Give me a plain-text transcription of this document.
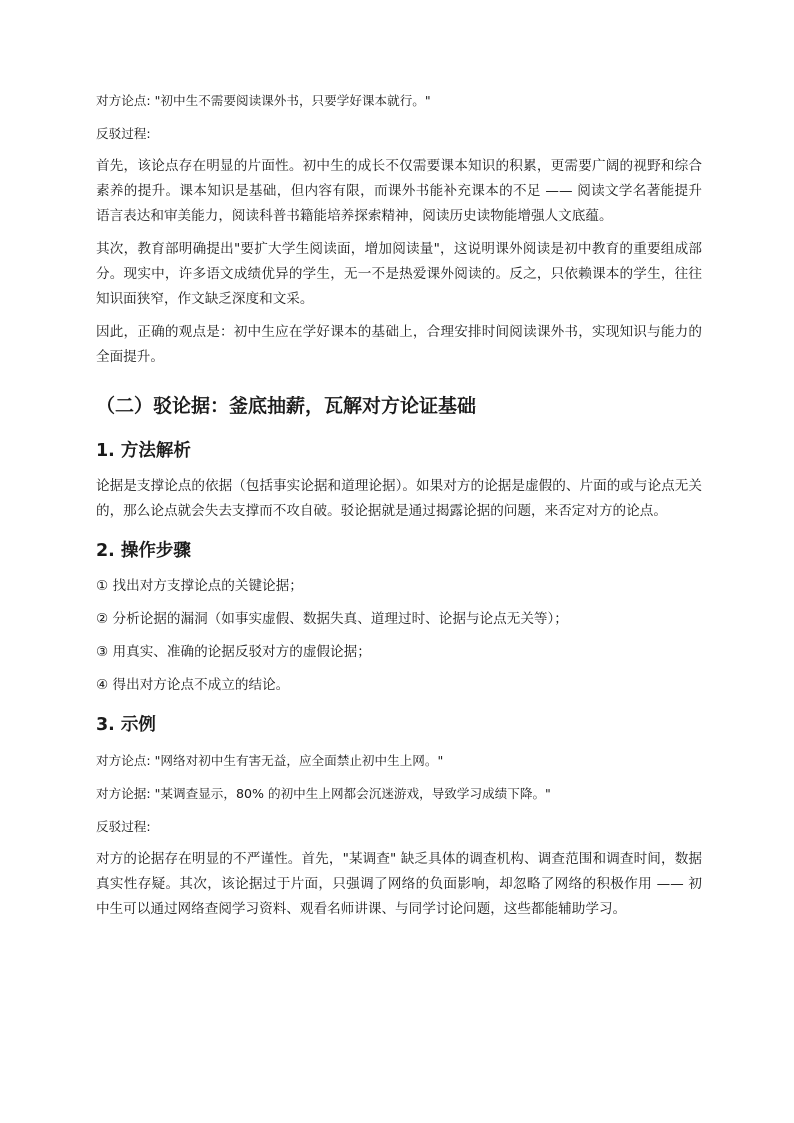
对方论点: "初中生不需要阅读课外书，只要学好课本就行。"

反驳过程:

首先，该论点存在明显的片面性。初中生的成长不仅需要课本知识的积累，更需要广阔的视野和综合素养的提升。课本知识是基础，但内容有限，而课外书能补充课本的不足 —— 阅读文学名著能提升语言表达和审美能力，阅读科普书籍能培养探索精神，阅读历史读物能增强人文底蕴。

其次，教育部明确提出"要扩大学生阅读面，增加阅读量"，这说明课外阅读是初中教育的重要组成部分。现实中，许多语文成绩优异的学生，无一不是热爱课外阅读的。反之，只依赖课本的学生，往往知识面狭窄，作文缺乏深度和文采。

因此，正确的观点是：初中生应在学好课本的基础上，合理安排时间阅读课外书，实现知识与能力的全面提升。

（二）驳论据：釜底抽薪，瓦解对方论证基础
1. 方法解析

论据是支撑论点的依据（包括事实论据和道理论据）。如果对方的论据是虚假的、片面的或与论点无关的，那么论点就会失去支撑而不攻自破。驳论据就是通过揭露论据的问题，来否定对方的论点。

2. 操作步骤

① 找出对方支撑论点的关键论据；

② 分析论据的漏洞（如事实虚假、数据失真、道理过时、论据与论点无关等）；

③ 用真实、准确的论据反驳对方的虚假论据；

④ 得出对方论点不成立的结论。

3. 示例

对方论点: "网络对初中生有害无益，应全面禁止初中生上网。"

对方论据: "某调查显示，80% 的初中生上网都会沉迷游戏，导致学习成绩下降。"

反驳过程:

对方的论据存在明显的不严谨性。首先，"某调查" 缺乏具体的调查机构、调查范围和调查时间，数据真实性存疑。其次，该论据过于片面，只强调了网络的负面影响，却忽略了网络的积极作用 —— 初中生可以通过网络查阅学习资料、观看名师讲课、与同学讨论问题，这些都能辅助学习。
